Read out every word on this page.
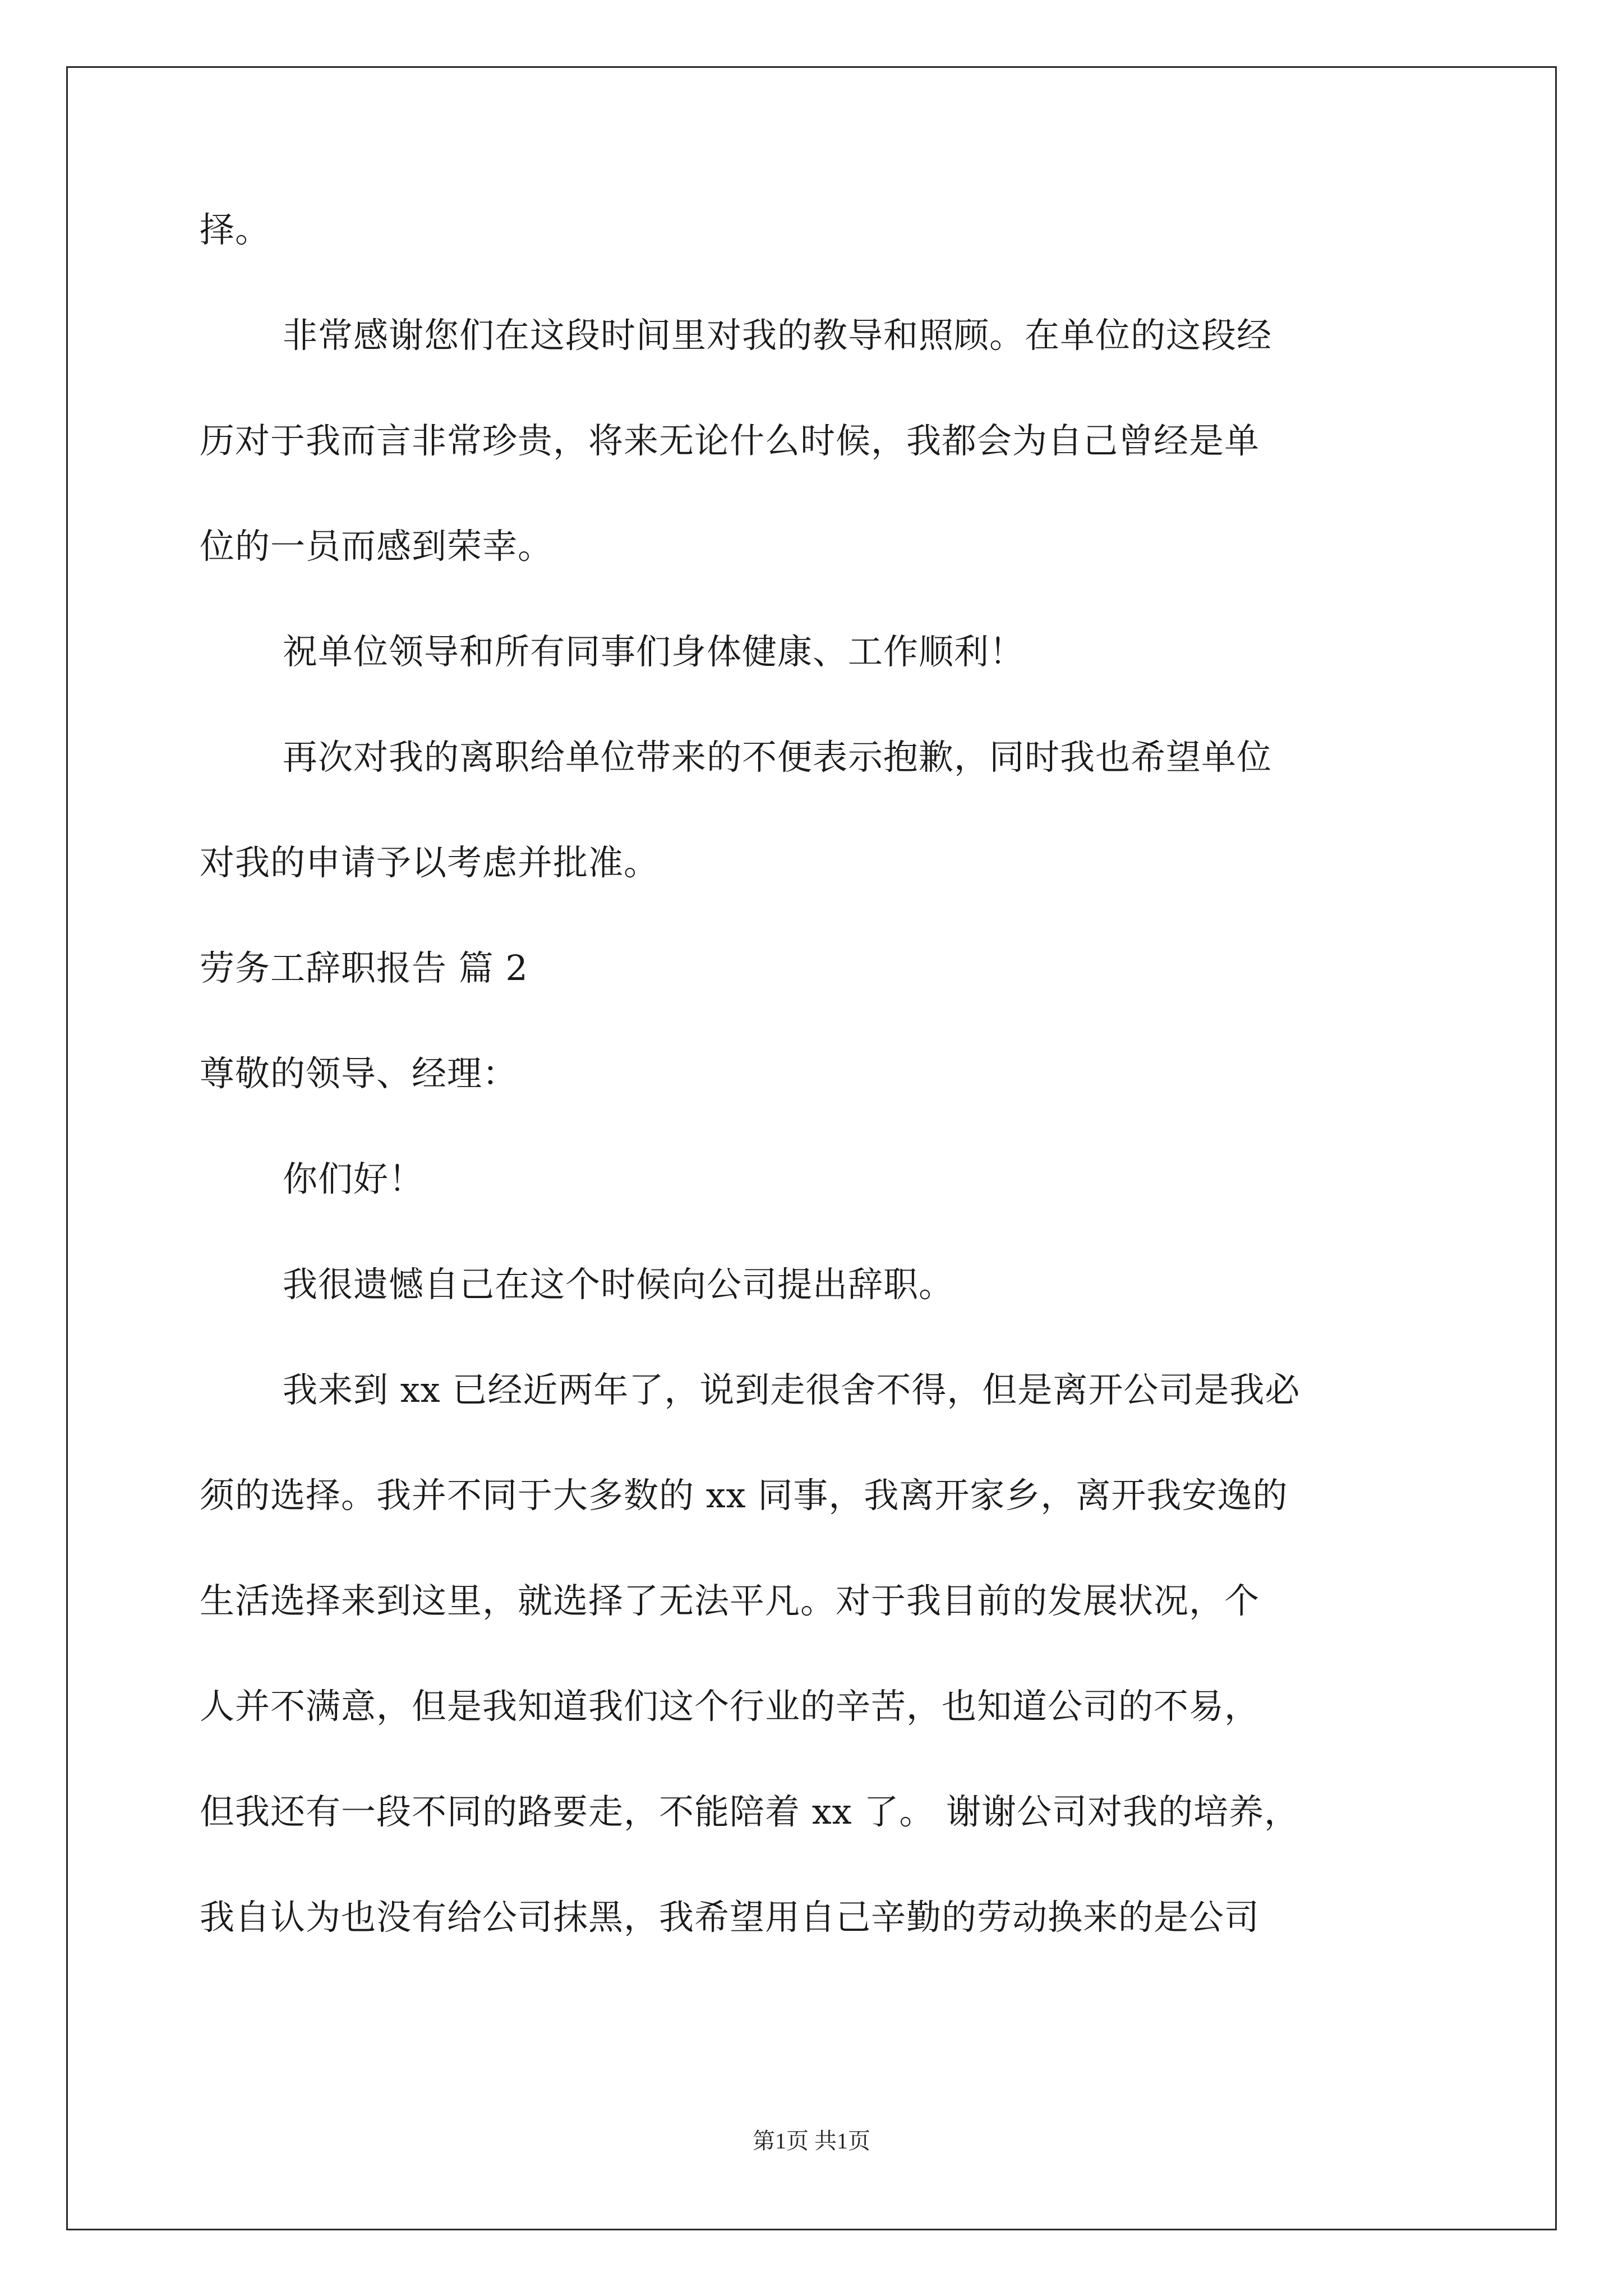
择。
非常感谢您们在这段时间里对我的教导和照顾。在单位的这段经
历对于我而言非常珍贵，将来无论什么时候，我都会为自己曾经是单
位的一员而感到荣幸。
祝单位领导和所有同事们身体健康、工作顺利！
再次对我的离职给单位带来的不便表示抱歉，同时我也希望单位
对我的申请予以考虑并批准。
劳务工辞职报告 篇 2
尊敬的领导、经理：
你们好！
我很遗憾自己在这个时候向公司提出辞职。
我来到 xx 已经近两年了，说到走很舍不得，但是离开公司是我必
须的选择。我并不同于大多数的 xx 同事，我离开家乡，离开我安逸的
生活选择来到这里，就选择了无法平凡。对于我目前的发展状况，个
人并不满意，但是我知道我们这个行业的辛苦，也知道公司的不易，
但我还有一段不同的路要走，不能陪着 xx 了。 谢谢公司对我的培养，
我自认为也没有给公司抹黑，我希望用自己辛勤的劳动换来的是公司
第1页 共1页
